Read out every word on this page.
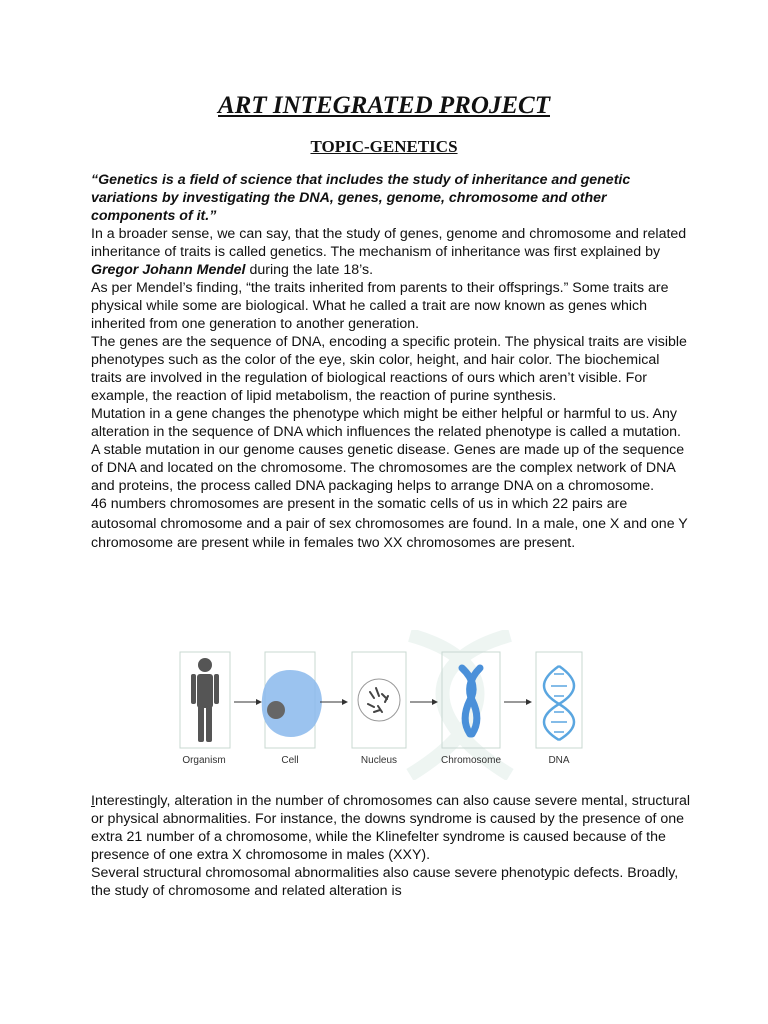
ART INTEGRATED PROJECT
TOPIC-GENETICS

“Genetics is a field of science that includes the study of inheritance and genetic variations by investigating the DNA, genes, genome, chromosome and other components of it.”

In a broader sense, we can say, that the study of genes, genome and chromosome and related inheritance of traits is called genetics. The mechanism of inheritance was first explained by Gregor Johann Mendel during the late 18’s.

As per Mendel’s finding, “the traits inherited from parents to their offsprings.” Some traits are physical while some are biological. What he called a trait are now known as genes which inherited from one generation to another generation.

The genes are the sequence of DNA, encoding a specific protein. The physical traits are visible phenotypes such as the color of the eye, skin color, height, and hair color. The biochemical traits are involved in the regulation of biological reactions of ours which aren’t visible. For example, the reaction of lipid metabolism, the reaction of purine synthesis.

Mutation in a gene changes the phenotype which might be either helpful or harmful to us. Any alteration in the sequence of DNA which influences the related phenotype is called a mutation.

A stable mutation in our genome causes genetic disease. Genes are made up of the sequence of DNA and located on the chromosome. The chromosomes are the complex network of DNA and proteins, the process called DNA packaging helps to arrange DNA on a chromosome.

46 numbers chromosomes are present in the somatic cells of us in which 22 pairs are autosomal chromosome and a pair of sex chromosomes are found. In a male, one X and one Y chromosome are present while in females two XX chromosomes are present.

Organism	Cell	Nucleus	Chromosome	DNA

Interestingly, alteration in the number of chromosomes can also cause severe mental, structural or physical abnormalities. For instance, the downs syndrome is caused by the presence of one extra 21 number of a chromosome, while the Klinefelter syndrome is caused because of the presence of one extra X chromosome in males (XXY).

Several structural chromosomal abnormalities also cause severe phenotypic defects. Broadly, the study of chromosome and related alteration is
